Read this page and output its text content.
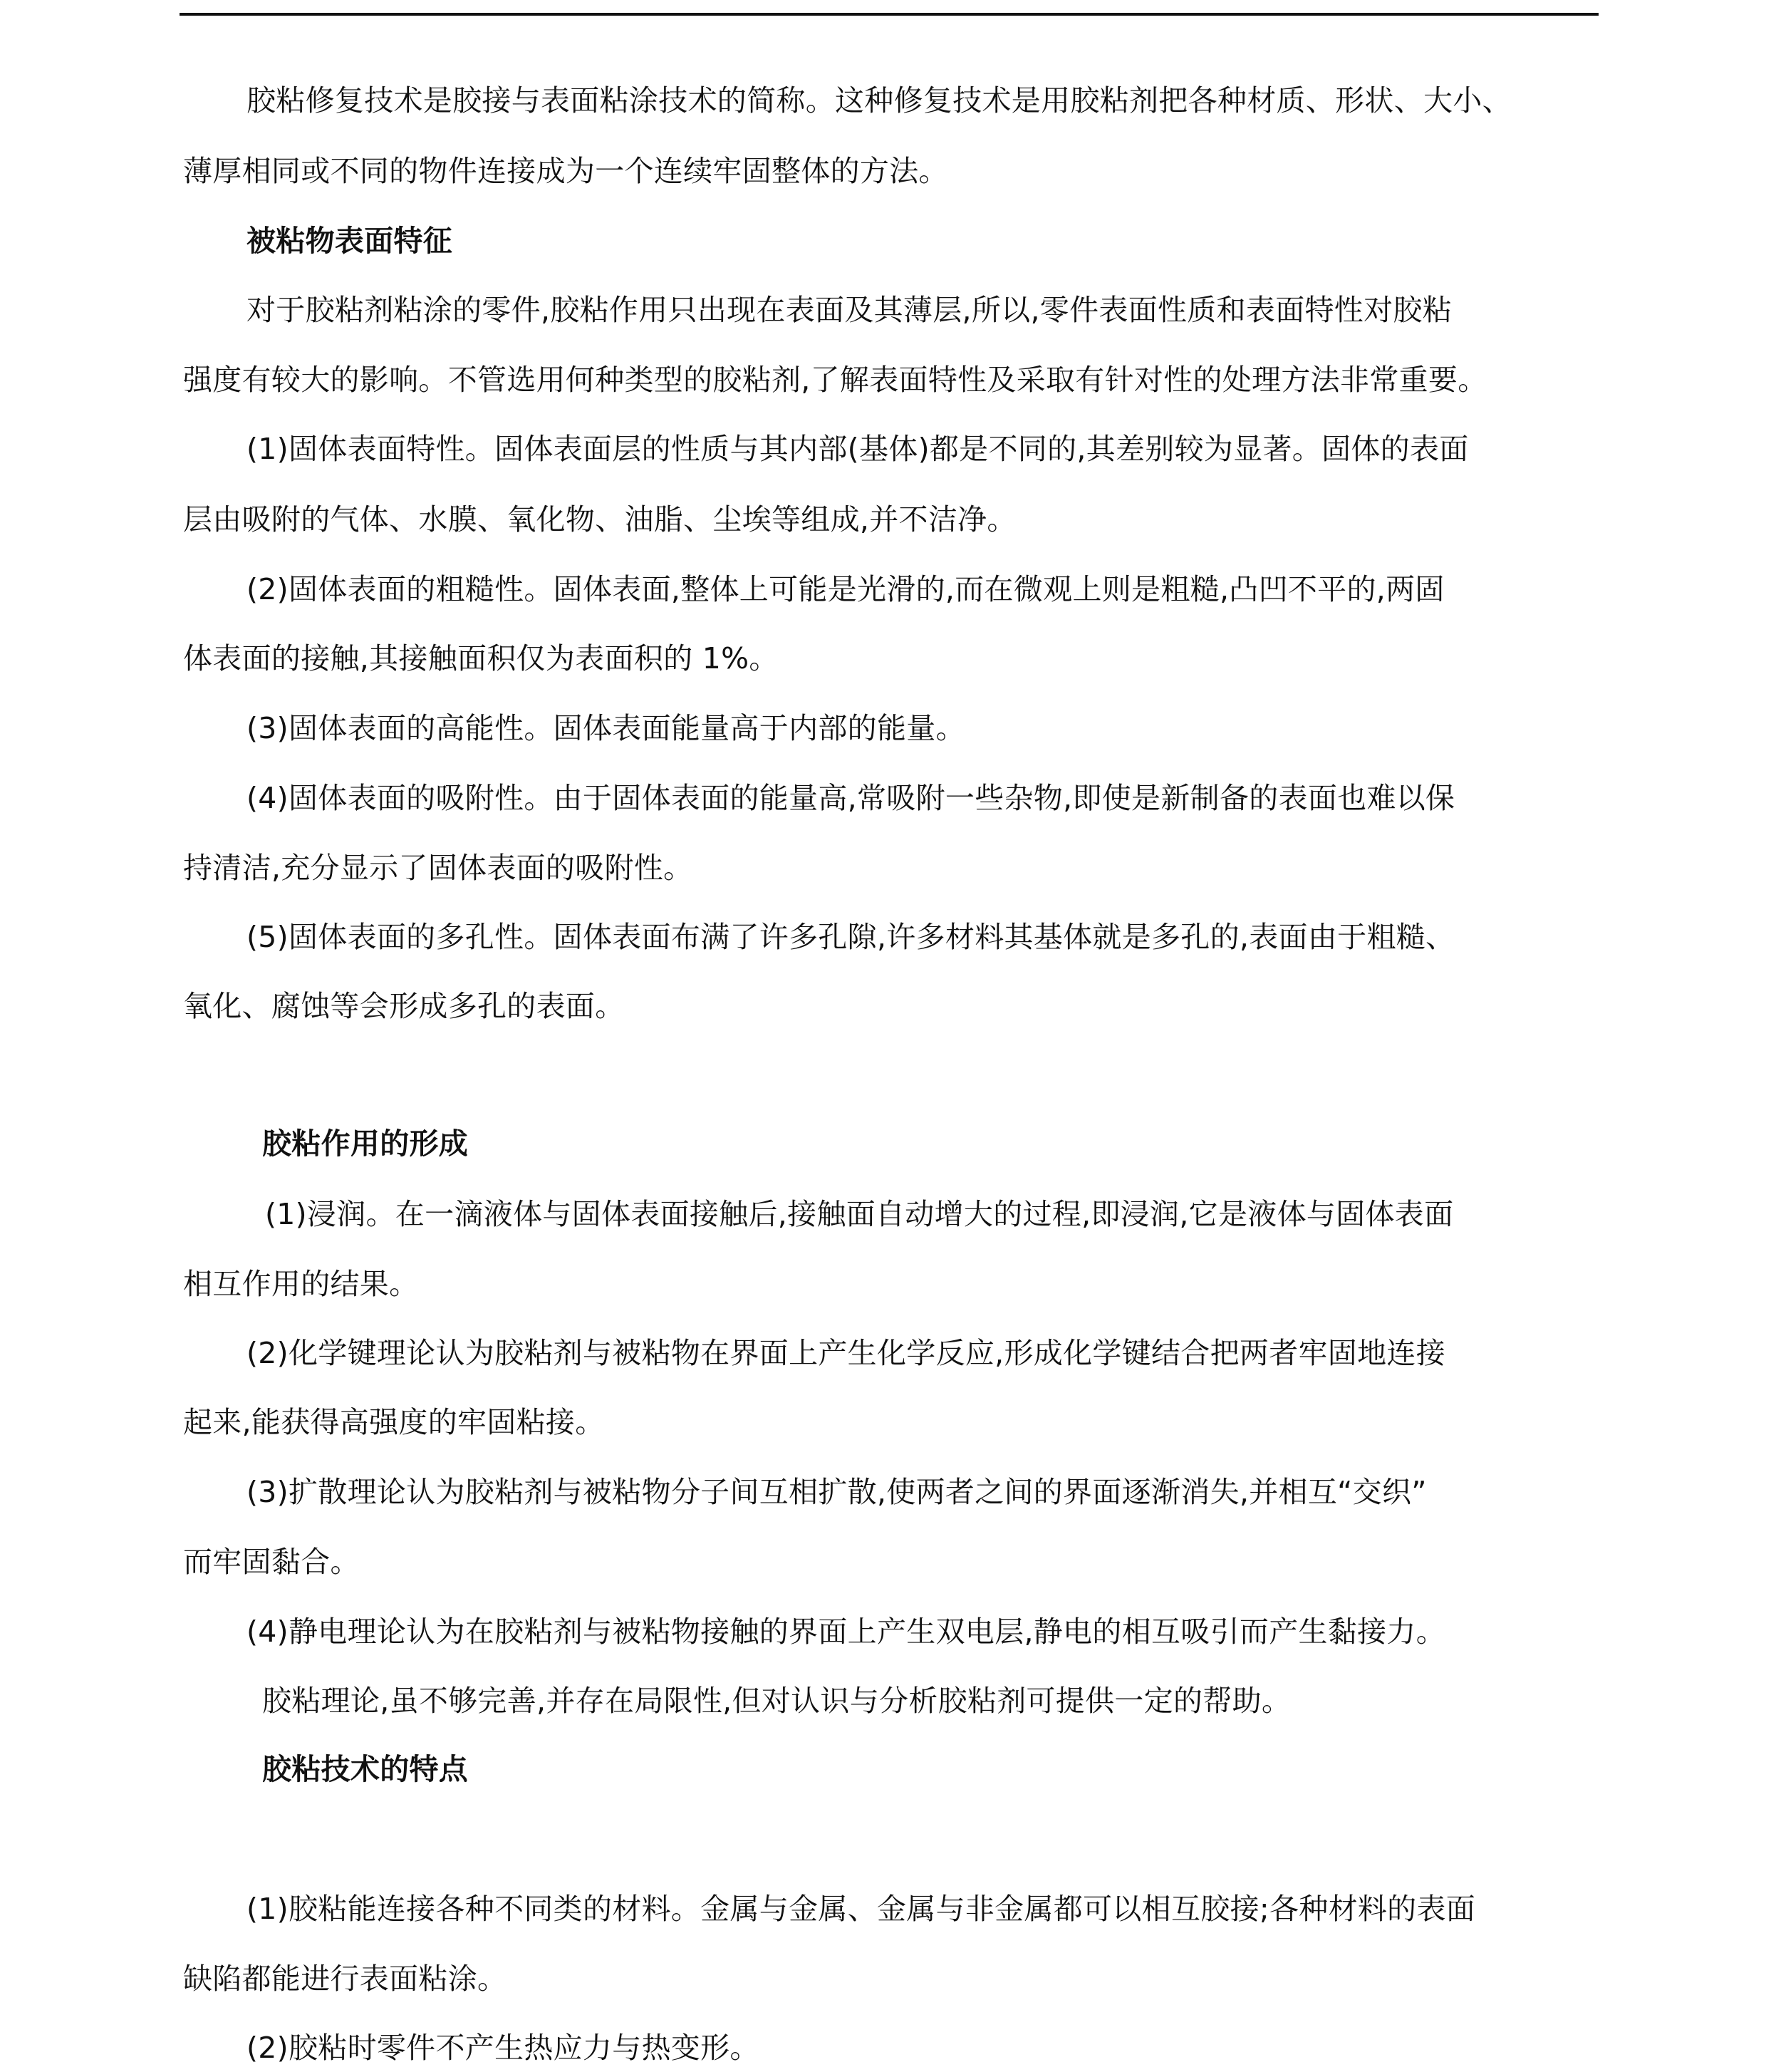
胶粘修复技术是胶接与表面粘涂技术的简称。这种修复技术是用胶粘剂把各种材质、形状、大小、

薄厚相同或不同的物件连接成为一个连续牢固整体的方法。

被粘物表面特征

对于胶粘剂粘涂的零件,胶粘作用只出现在表面及其薄层,所以,零件表面性质和表面特性对胶粘

强度有较大的影响。不管选用何种类型的胶粘剂,了解表面特性及采取有针对性的处理方法非常重要。

(1)固体表面特性。固体表面层的性质与其内部(基体)都是不同的,其差别较为显著。固体的表面

层由吸附的气体、水膜、氧化物、油脂、尘埃等组成,并不洁净。

(2)固体表面的粗糙性。固体表面,整体上可能是光滑的,而在微观上则是粗糙,凸凹不平的,两固

体表面的接触,其接触面积仅为表面积的 1%。

(3)固体表面的高能性。固体表面能量高于内部的能量。

(4)固体表面的吸附性。由于固体表面的能量高,常吸附一些杂物,即使是新制备的表面也难以保

持清洁,充分显示了固体表面的吸附性。

(5)固体表面的多孔性。固体表面布满了许多孔隙,许多材料其基体就是多孔的,表面由于粗糙、

氧化、腐蚀等会形成多孔的表面。

胶粘作用的形成

(1)浸润。在一滴液体与固体表面接触后,接触面自动增大的过程,即浸润,它是液体与固体表面

相互作用的结果。

(2)化学键理论认为胶粘剂与被粘物在界面上产生化学反应,形成化学键结合把两者牢固地连接

起来,能获得高强度的牢固粘接。

(3)扩散理论认为胶粘剂与被粘物分子间互相扩散,使两者之间的界面逐渐消失,并相互“交织”

而牢固黏合。

(4)静电理论认为在胶粘剂与被粘物接触的界面上产生双电层,静电的相互吸引而产生黏接力。

胶粘理论,虽不够完善,并存在局限性,但对认识与分析胶粘剂可提供一定的帮助。

胶粘技术的特点

(1)胶粘能连接各种不同类的材料。金属与金属、金属与非金属都可以相互胶接;各种材料的表面

缺陷都能进行表面粘涂。

(2)胶粘时零件不产生热应力与热变形。
